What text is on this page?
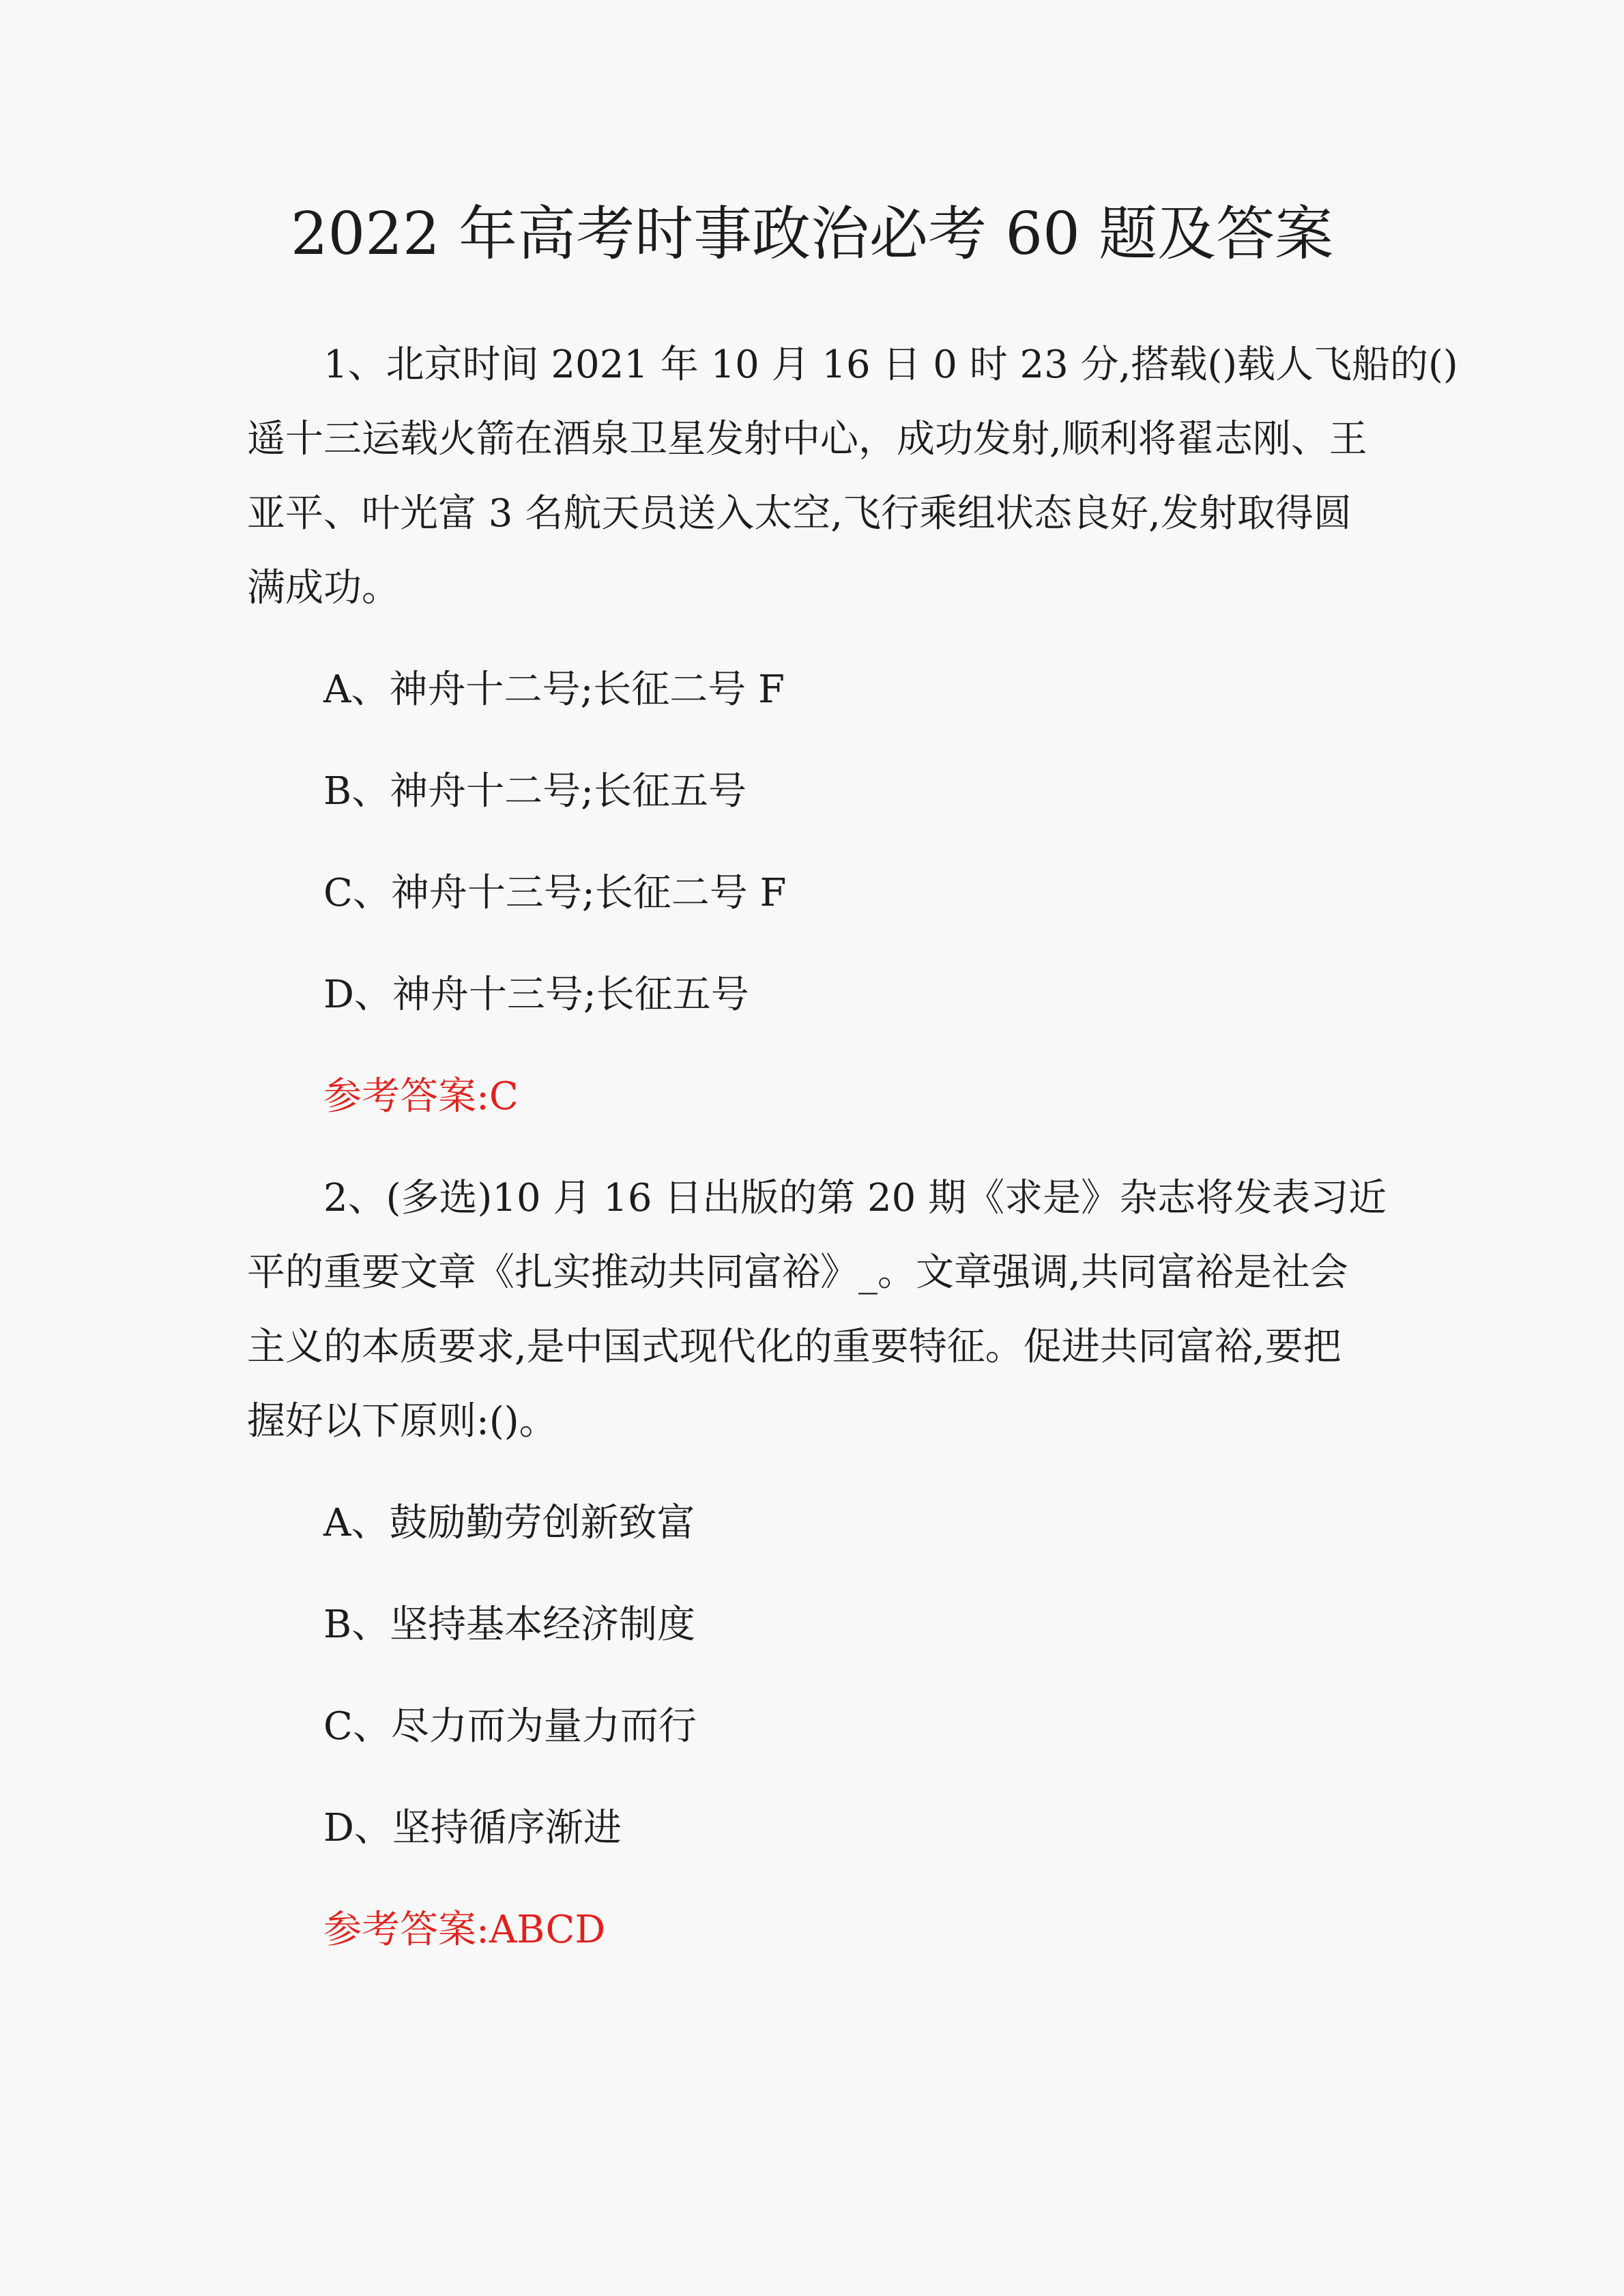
2022 年高考时事政治必考 60 题及答案
1、北京时间 2021 年 10 月 16 日 0 时 23 分,搭载()载人飞船的()
遥十三运载火箭在酒泉卫星发射中心，成功发射,顺利将翟志刚、王
亚平、叶光富 3 名航天员送入太空,飞行乘组状态良好,发射取得圆
满成功。
A、神舟十二号;长征二号 F
B、神舟十二号;长征五号
C、神舟十三号;长征二号 F
D、神舟十三号;长征五号
参考答案:C
2、(多选)10 月 16 日出版的第 20 期《求是》杂志将发表习近
平的重要文章《扎实推动共同富裕》_。文章强调,共同富裕是社会
主义的本质要求,是中国式现代化的重要特征。促进共同富裕,要把
握好以下原则:()。
A、鼓励勤劳创新致富
B、坚持基本经济制度
C、尽力而为量力而行
D、坚持循序渐进
参考答案:ABCD
